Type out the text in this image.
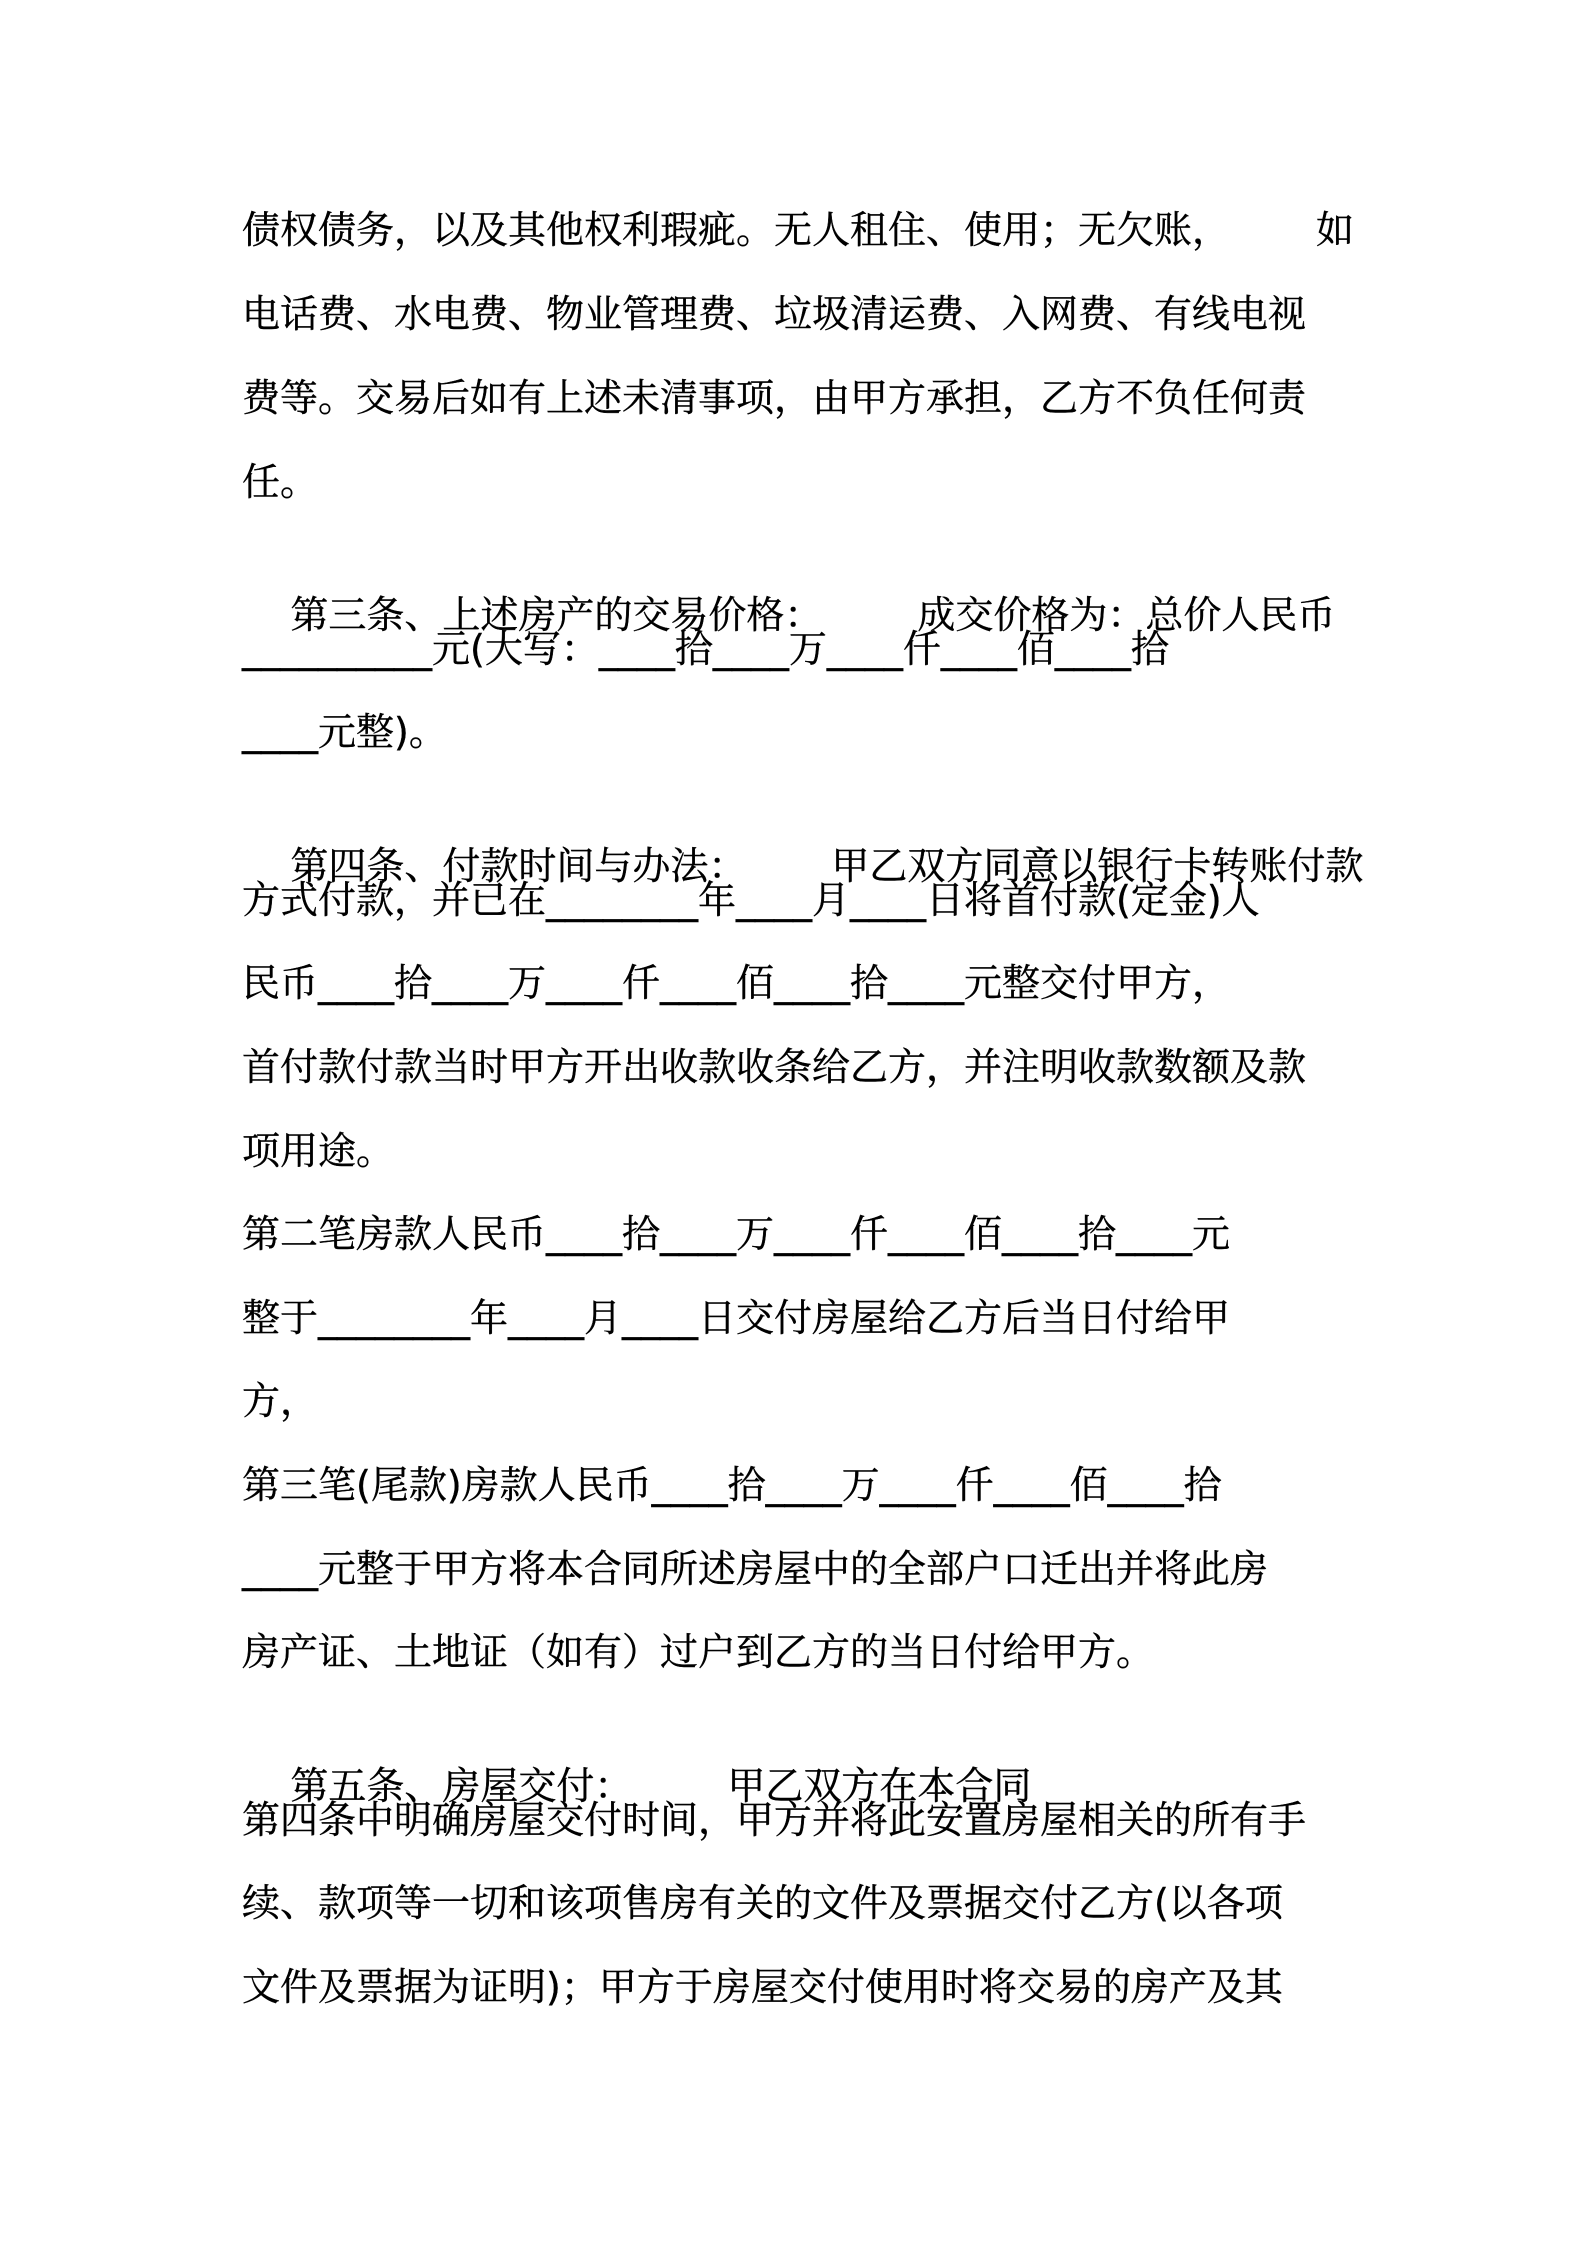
债权债务，以及其他权利瑕疵。无人租住、使用；无欠账， 如

电话费、水电费、物业管理费、垃圾清运费、入网费、有线电视

费等。交易后如有上述未清事项，由甲方承担，乙方不负任何责

任。

第三条、上述房产的交易价格：	成交价格为：总价人民币

__________元(大写：____拾____万____仟____佰____拾

____元整)。

第四条、付款时间与办法： 甲乙双方同意以银行卡转账付款

方式付款，并已在________年____月____日将首付款(定金)人

民币____拾____万____仟____佰____拾____元整交付甲方，

首付款付款当时甲方开出收款收条给乙方，并注明收款数额及款

项用途。

第二笔房款人民币____拾____万____仟____佰____拾____元

整于________年____月____日交付房屋给乙方后当日付给甲

方，

第三笔(尾款)房款人民币____拾____万____仟____佰____拾

____元整于甲方将本合同所述房屋中的全部户口迁出并将此房

房产证、土地证（如有）过户到乙方的当日付给甲方。

第五条、房屋交付：	甲乙双方在本合同

第四条中明确房屋交付时间，甲方并将此安置房屋相关的所有手

续、款项等一切和该项售房有关的文件及票据交付乙方(以各项

文件及票据为证明)；甲方于房屋交付使用时将交易的房产及其
